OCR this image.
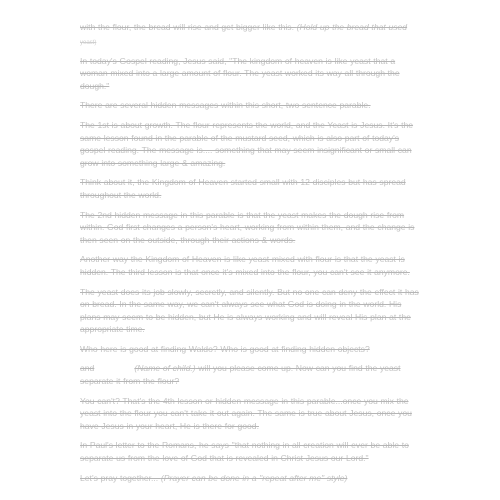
with the flour, the bread will rise and get bigger like this. (Hold up the bread that used

yeast)

In today's Gospel reading, Jesus said, "The kingdom of heaven is like yeast that a woman mixed into a large amount of flour. The yeast worked its way all through the dough."

There are several hidden messages within this short, two sentence parable.

The 1st is about growth. The flour represents the world, and the Yeast is Jesus. It's the same lesson found in the parable of the mustard seed, which is also part of today's gospel reading. The message is.... something that may seem insignificant or small can grow into something large & amazing.

Think about it, the Kingdom of Heaven started small with 12 disciples but has spread throughout the world.

The 2nd hidden message in this parable is that the yeast makes the dough rise from within. God first changes a person's heart, working from within them, and the change is then seen on the outside, through their actions & words.

Another way the Kingdom of Heaven is like yeast mixed with flour is that the yeast is hidden. The third lesson is that once it's mixed into the flour, you can't see it anymore.

The yeast does its job slowly, secretly, and silently. But no one can deny the effect it has on bread. In the same way, we can't always see what God is doing in the world. His plans may seem to be hidden, but He is always working and will reveal His plan at the appropriate time.

Who here is good at finding Waldo? Who is good at finding hidden objects?

and 	(Name of child.) will you please come up. Now can you find the yeast separate it from the flour?

You can't? That's the 4th lesson or hidden message in this parable...once you mix the yeast into the flour you can't take it out again. The same is true about Jesus, once you have Jesus in your heart, He is there for good.

In Paul's letter to the Romans, he says "that nothing in all creation will ever be able to separate us from the love of God that is revealed in Christ Jesus our Lord."

Let's pray together... (Prayer can be done in a "repeat after me" style)
